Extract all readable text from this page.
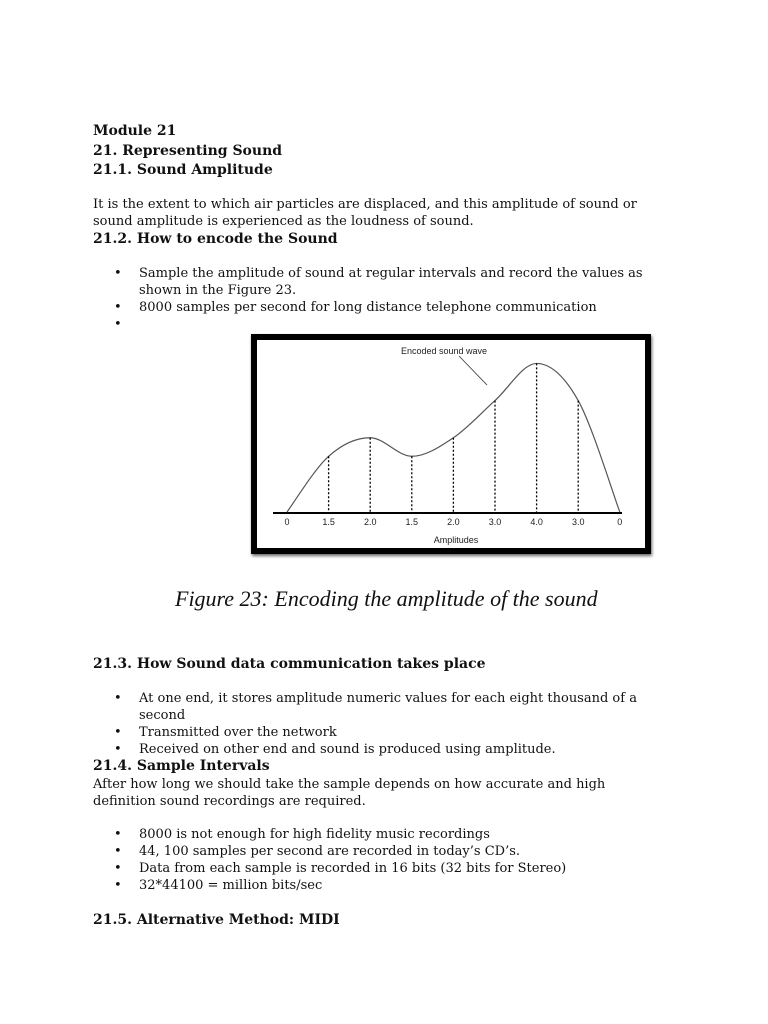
Module 21
21. Representing Sound
21.1. Sound Amplitude

It is the extent to which air particles are displaced, and this amplitude of sound or sound amplitude is experienced as the loudness of sound.

21.2. How to encode the Sound
• Sample the amplitude of sound at regular intervals and record the values as shown in the Figure 23.
• 8000 samples per second for long distance telephone communication
•
0	1.5	2.0	1.5	2.0	3.0	4.0	3.0	0
Encoded sound wave
Amplitudes
Figure 23: Encoding the amplitude of the sound
21.3. How Sound data communication takes place
• At one end, it stores amplitude numeric values for each eight thousand of a second
• Transmitted over the network
• Received on other end and sound is produced using amplitude.
21.4. Sample Intervals

After how long we should take the sample depends on how accurate and high definition sound recordings are required.

• 8000 is not enough for high fidelity music recordings
• 44, 100 samples per second are recorded in today’s CD’s.
• Data from each sample is recorded in 16 bits (32 bits for Stereo)
• 32*44100 = million bits/sec
21.5. Alternative Method: MIDI
